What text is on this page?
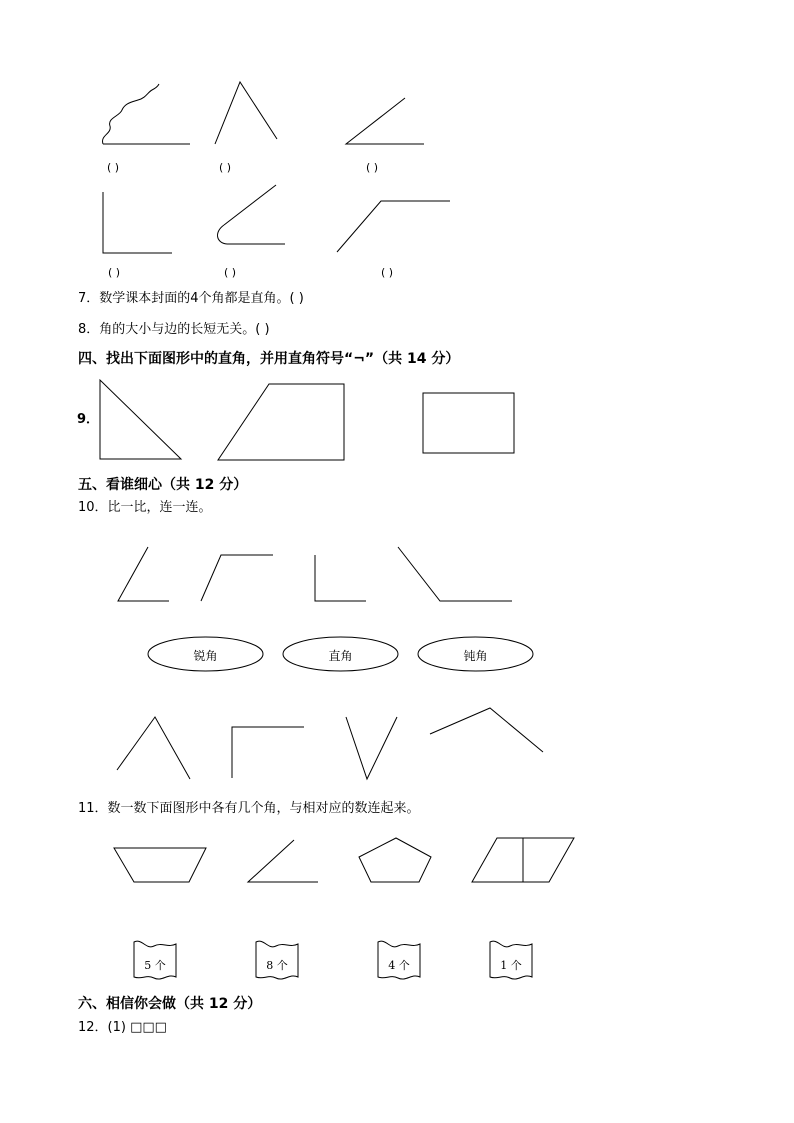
( )	( )	( )
( )	( )	( )
7．数学课本封面的4个角都是直角。( )
8．角的大小与边的长短无关。( )
四、找出下面图形中的直角，并用直角符号“¬”（共 14 分）
9．
五、看谁细心（共 12 分）
10．比一比，连一连。
锐角	直角	钝角
11．数一数下面图形中各有几个角，与相对应的数连起来。
5 个	8 个	4 个	1 个
六、相信你会做（共 12 分）
12．(1) □□□
